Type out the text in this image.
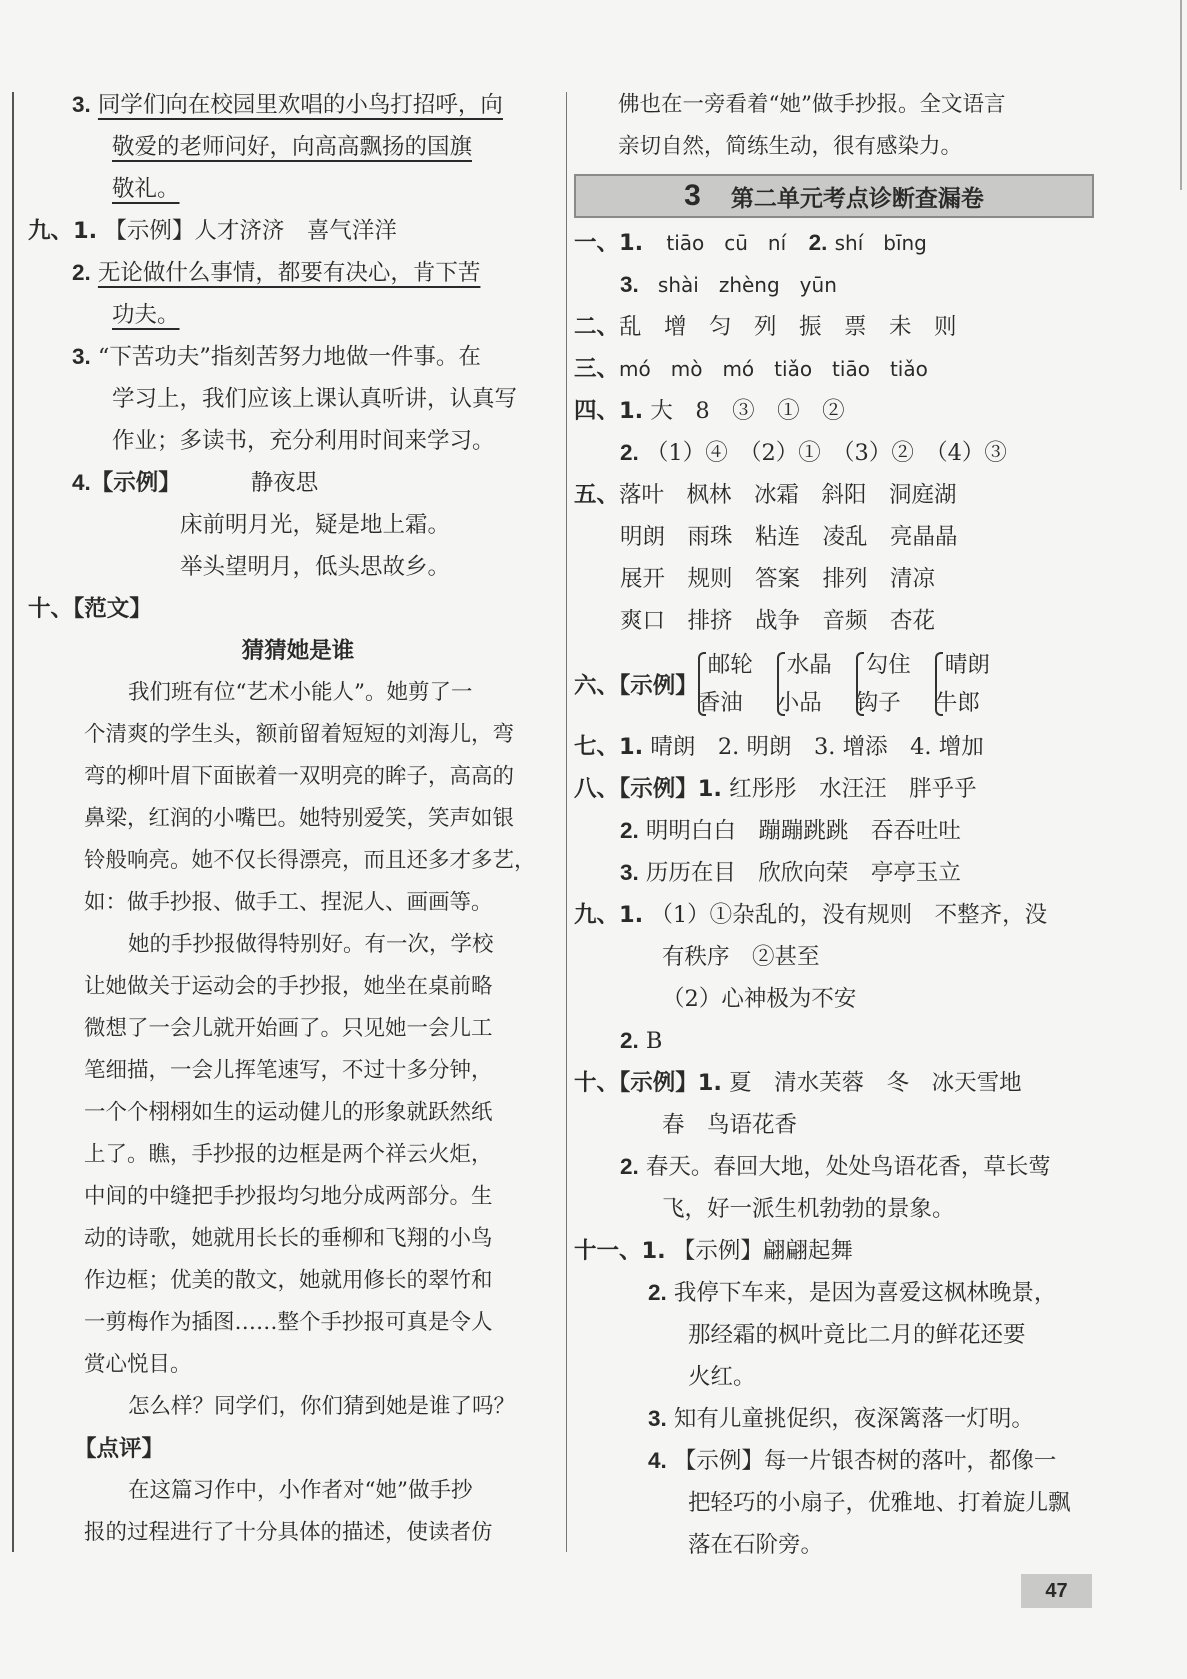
3. 同学们向在校园里欢唱的小鸟打招呼，向
敬爱的老师问好，向高高飘扬的国旗
敬礼。
九、1. 【示例】人才济济　喜气洋洋
2. 无论做什么事情，都要有决心，肯下苦
功夫。
3. “下苦功夫”指刻苦努力地做一件事。在
学习上，我们应该上课认真听讲，认真写
作业；多读书，充分利用时间来学习。
4.【示例】	静夜思
床前明月光，疑是地上霜。
举头望明月，低头思故乡。
十、【范文】
猜猜她是谁
我们班有位“艺术小能人”。她剪了一
个清爽的学生头，额前留着短短的刘海儿，弯
弯的柳叶眉下面嵌着一双明亮的眸子，高高的
鼻梁，红润的小嘴巴。她特别爱笑，笑声如银
铃般响亮。她不仅长得漂亮，而且还多才多艺，
如：做手抄报、做手工、捏泥人、画画等。
她的手抄报做得特别好。有一次，学校
让她做关于运动会的手抄报，她坐在桌前略
微想了一会儿就开始画了。只见她一会儿工
笔细描，一会儿挥笔速写，不过十多分钟，
一个个栩栩如生的运动健儿的形象就跃然纸
上了。瞧，手抄报的边框是两个祥云火炬，
中间的中缝把手抄报均匀地分成两部分。生
动的诗歌，她就用长长的垂柳和飞翔的小鸟
作边框；优美的散文，她就用修长的翠竹和
一剪梅作为插图……整个手抄报可真是令人
赏心悦目。
怎么样？同学们，你们猜到她是谁了吗？
【点评】
在这篇习作中，小作者对“她”做手抄
报的过程进行了十分具体的描述，使读者仿
佛也在一旁看着“她”做手抄报。全文语言
亲切自然，简练生动，很有感染力。
3 第二单元考点诊断查漏卷
一、1. tiāo　cū　ní　 2. shí　bīng
3. shài　zhèng　yūn
二、乱　增　匀　列　振　票　未　则
三、mó　mò　mó　tiǎo　tiāo　tiǎo
四、1. 大　8　③　①　②
2. （1）④　（2）①　（3）②　（4）③
五、落叶　枫林　冰霜　斜阳　洞庭湖
明朗　雨珠　粘连　凌乱　亮晶晶
展开　规则　答案　排列　清凉
爽口　排挤　战争　音频　杏花
六、【示例】
邮轮
香油
水晶
小品
勾住
钩子
晴朗
牛郎
七、1. 晴朗　2. 明朗　3. 增添　4. 增加
八、【示例】1. 红彤彤　水汪汪　胖乎乎
2. 明明白白　蹦蹦跳跳　吞吞吐吐
3. 历历在目　欣欣向荣　亭亭玉立
九、1. （1）①杂乱的，没有规则　不整齐，没
有秩序　②甚至
（2）心神极为不安
2. B
十、【示例】1. 夏　清水芙蓉　冬　冰天雪地
春　鸟语花香
2. 春天。春回大地，处处鸟语花香，草长莺
飞，好一派生机勃勃的景象。
十一、1. 【示例】翩翩起舞
2. 我停下车来，是因为喜爱这枫林晚景，
那经霜的枫叶竟比二月的鲜花还要
火红。
3. 知有儿童挑促织，夜深篱落一灯明。
4. 【示例】每一片银杏树的落叶，都像一
把轻巧的小扇子，优雅地、打着旋儿飘
落在石阶旁。
47
